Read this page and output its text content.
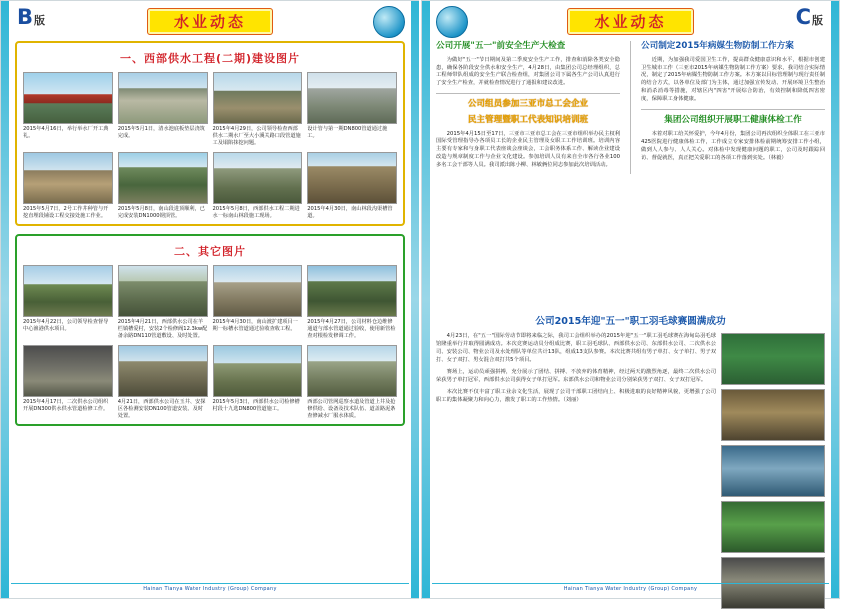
B 版	水业动态
一、西部供水工程(二期)建设图片
2015年4月16日，举行举水厂开工典礼。
2015年5月1日，清水池底板垫层浇筑完成。
2015年4月29日，公司领导检查西部供水二期水厂至大小溪关路口段管道施工及塌陷抹挖问题。
设计管与第一期DN800管道通过施工。
2015年5月7日，2号工作井种管与开挖直埋段铺设工程交接处施工作业。
2015年5月8日，南山段进顶顺利，已完成安装DN1000钢顶管。
2015年5月8日，西部供水工程二期进水一标南山林段施工现场。
2015年4月30日，南山林段沟渠槽管道。
二、其它图片
2015年4月22日，公司领导检查督导中心渔港供水项目。
2015年4月21日，西部供水公司在羊栏镇槽爱村，安装2个检修阀12.3kw配备余路DN110管道敷设、及时处置。
2015年4月30日，南山渡扩建项目一期一标槽水管道通过验收查收工程。
2015年4月27日，公司材料仓边维修通道与部水管道通过验收，使用新管检查对根检发修调工作。
2015年4月17日，二次供水公司组织开展DN300供水供水管道检修工作。
4月21日，西部供水公司在玉井、安探区各检测安装DN100管道安装、及时处置。
2015年5月3日，西部供水公司检修槽村段十九选DN800管道施工。
西部公司管网巡察水道及管道上井及抢修供给、设备及技术队伍、道盖路泥条查修减水厂服水体质。
Hainan Tianya Water Industry (Group) Company
水业动态	C 版
公司开展"五一"前安全生产大检查

为做好"五一"节日期间及第二季度安全生产工作，排查和消除各类安全隐患，确保各阶段安全供水和安全生产，4月28日，由集团公司总经理组织，总工程师带队组成的安全生产联合检查组，对集团公司下属各生产公司认真进行了安全生产检查，并就检查情况进行了通报和建议改进。

公司组员参加三亚市总工会企业
民主管理暨职工代表知识培训班

2015年4月15日至17日，三亚市三亚市总工会在三亚市组织举办民主权利国际受管理指导办各项员工长的企业民主管理及女职工工作培训班。培训内容主要有专家和与身职工代表座谈会座谈会，工会职务体系工作、解读企业建设改造与规章制度工作与企业文化建设。参加培训人员有来自全市各行各业100多名工会干部等人员。我司派出陈小柳、林敏俩位同志参加此次培训活动。

公司制定2015年病媒生物防制工作方案

近期，为加强我司爱国卫生工作，提高群众健康意识和水平，根据市创建卫生城市工作（三亚市2015年病媒生物防制工作方案）要求，我司结合实际情况，制定了2015年病媒生物防制工作方案。本方案以目标管理制与现行责任制的结合方式，以各单位及部门为主体，通过加强宣传发动、开展环境卫生整治和消杀消毒等措施，对辖区内"四害"开展综合防治，有效控制和降低四害密度，保障职工身体健康。

集团公司组织开展职工健康体检工作

本着对职工给关怀爱护，今年4月份，集团公司再次组织全体职工在三亚市425医院进行健康体检工作，工作成立专家安排体检前期统筹安排工作小组，做到人人参与、人人关心。对体检中发现健康问题的职工，公司及时跟踪回访、督促就医，真正把关爱职工的各项工作落到实处。（林毅）

公司2015年迎"五一"职工羽毛球赛圆满成功

4月23日，在"五一"国际劳动节即将来临之际，我司工会组织举办的2015年迎"五一"职工羽毛球赛在海甸岛羽毛球馆隆重举行并取得圆满成功。本次竞赛运动员分组成比赛，职工羽毛球队、西部供水公司、东部供水公司、二次供水公司、安装公司、物业公司及水处理队等单位共计13队，组成13支队参赛。本次比赛共组有男子单打、女子单打、男子双打、女子双打、男女混合双打共5个项目。

赛场上，运动员顽强拼搏，充分展示了团结、拼搏、不放弃的体育精神，经过两天的激烈角逐，最终二次供水公司荣获男子单打冠军，西部供水公司获得女子单打冠军。东部供水公司和物业公司分别荣获男子双打、女子双打冠军。

本次比赛不仅丰富了职工业余文化生活，展现了公司干部职工团结向上、积极进取的良好精神风貌，更增强了公司职工的集体凝聚力和向心力，激发了职工的工作热情。（刘丽）

Hainan Tianya Water Industry (Group) Company
